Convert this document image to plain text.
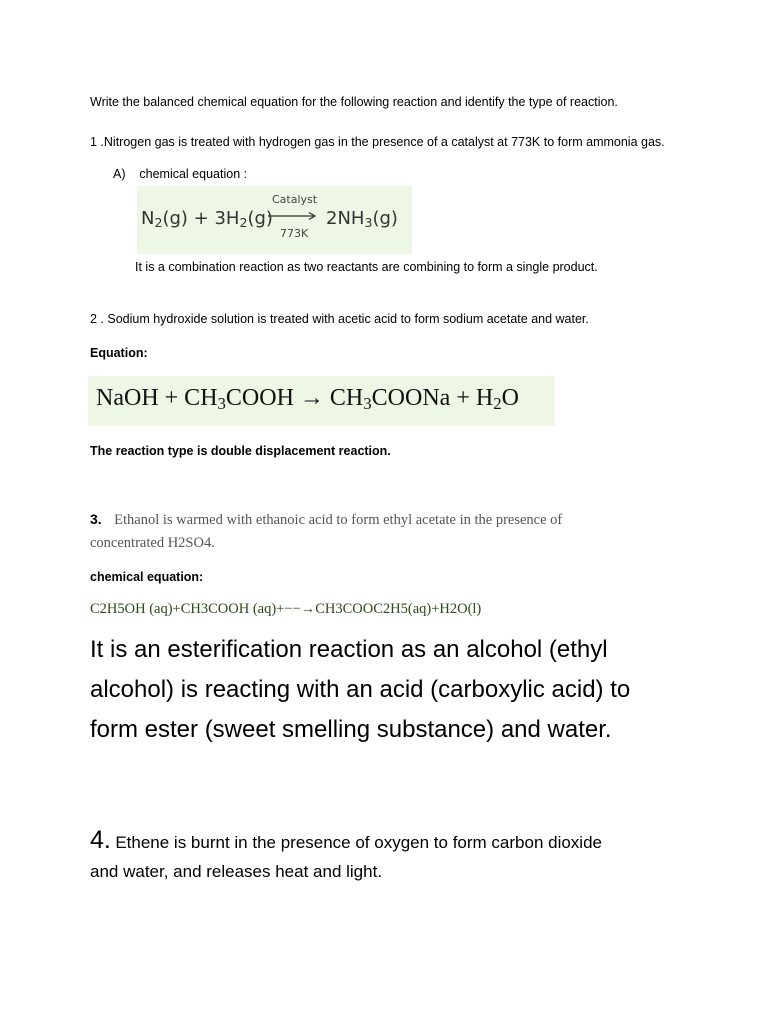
Write the balanced chemical equation for the following reaction and identify the type of reaction.
1 .Nitrogen gas is treated with hydrogen gas in the presence of a catalyst at 773K to form ammonia gas.
A)    chemical equation :
Catalyst
$N_2(g) + 3H_2(g) \to 2NH_3(g)$
773K
It is a combination reaction as two reactants are combining to form a single product.
2 . Sodium hydroxide solution is treated with acetic acid to form sodium acetate and water.
Equation:
NaOH + $CH_3COOH$ → $CH_3COONa + H_2O$
The reaction type is double displacement reaction.
3. Ethanol is warmed with ethanoic acid to form ethyl acetate in the presence of
concentrated H2SO4.
chemical equation:
C2H5OH (aq)+CH3COOH (aq)+−−→CH3COOC2H5(aq)+H2O(l)
It is an esterification reaction as an alcohol (ethyl
alcohol) is reacting with an acid (carboxylic acid) to
form ester (sweet smelling substance) and water.
4. Ethene is burnt in the presence of oxygen to form carbon dioxide
and water, and releases heat and light.
